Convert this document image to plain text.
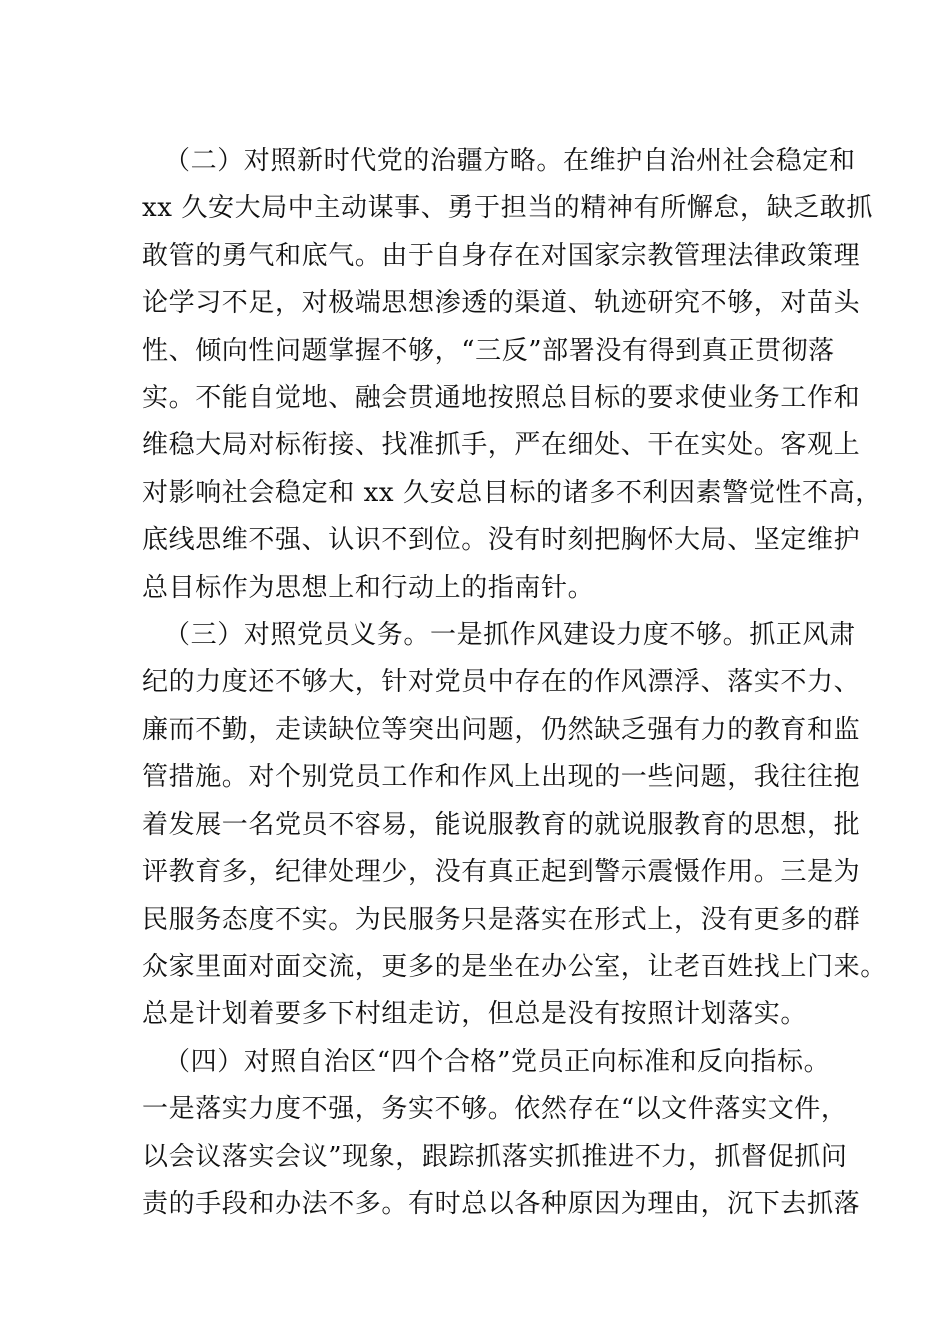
（二）对照新时代党的治疆方略。在维护自治州社会稳定和
xx 久安大局中主动谋事、勇于担当的精神有所懈怠，缺乏敢抓
敢管的勇气和底气。由于自身存在对国家宗教管理法律政策理
论学习不足，对极端思想渗透的渠道、轨迹研究不够，对苗头
性、倾向性问题掌握不够，“三反”部署没有得到真正贯彻落
实。不能自觉地、融会贯通地按照总目标的要求使业务工作和
维稳大局对标衔接、找准抓手，严在细处、干在实处。客观上
对影响社会稳定和 xx 久安总目标的诸多不利因素警觉性不高，
底线思维不强、认识不到位。没有时刻把胸怀大局、坚定维护
总目标作为思想上和行动上的指南针。
（三）对照党员义务。一是抓作风建设力度不够。抓正风肃
纪的力度还不够大，针对党员中存在的作风漂浮、落实不力、
廉而不勤，走读缺位等突出问题，仍然缺乏强有力的教育和监
管措施。对个别党员工作和作风上出现的一些问题，我往往抱
着发展一名党员不容易，能说服教育的就说服教育的思想，批
评教育多，纪律处理少，没有真正起到警示震慑作用。三是为
民服务态度不实。为民服务只是落实在形式上，没有更多的群
众家里面对面交流，更多的是坐在办公室，让老百姓找上门来。
总是计划着要多下村组走访，但总是没有按照计划落实。
（四）对照自治区“四个合格”党员正向标准和反向指标。
一是落实力度不强，务实不够。依然存在“以文件落实文件，
以会议落实会议”现象，跟踪抓落实抓推进不力，抓督促抓问
责的手段和办法不多。有时总以各种原因为理由，沉下去抓落
